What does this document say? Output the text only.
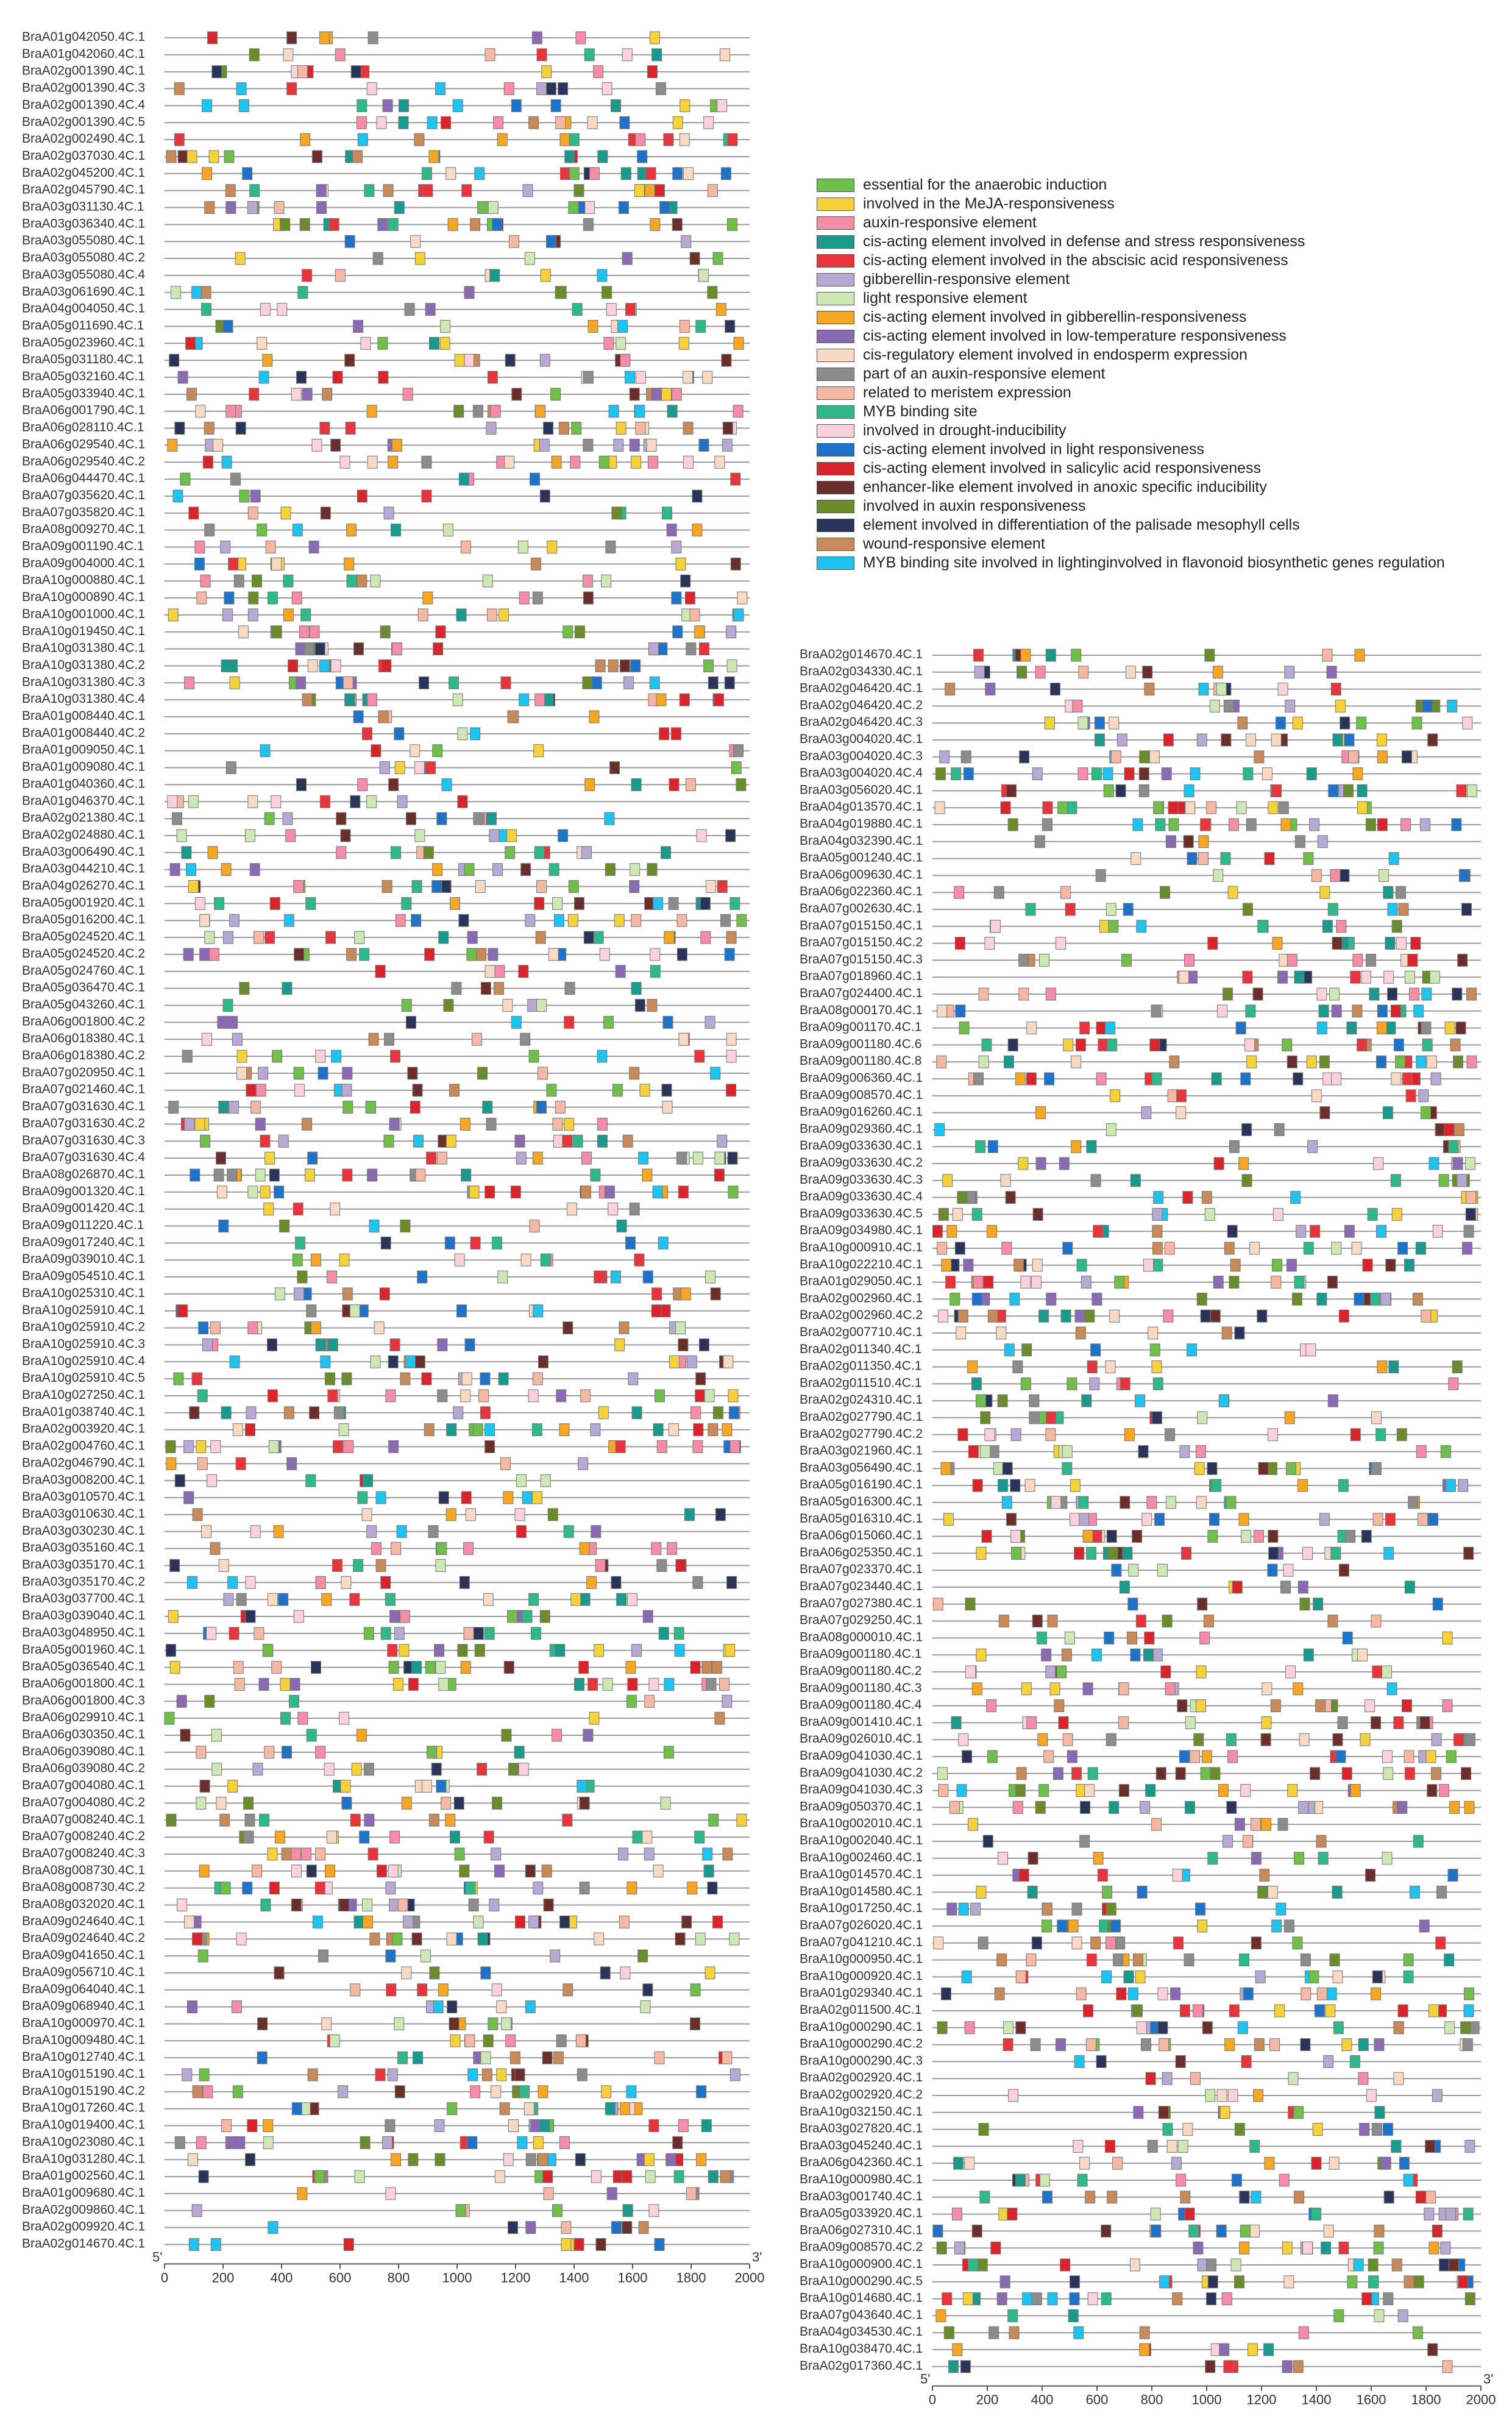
BraA01g042050.4C.1
BraA01g042060.4C.1
BraA02g001390.4C.1
BraA02g001390.4C.3
BraA02g001390.4C.4
BraA02g001390.4C.5
BraA02g002490.4C.1
BraA02g037030.4C.1
BraA02g045200.4C.1
BraA02g045790.4C.1
BraA03g031130.4C.1
BraA03g036340.4C.1
BraA03g055080.4C.1
BraA03g055080.4C.2
BraA03g055080.4C.4
BraA03g061690.4C.1
BraA04g004050.4C.1
BraA05g011690.4C.1
BraA05g023960.4C.1
BraA05g031180.4C.1
BraA05g032160.4C.1
BraA05g033940.4C.1
BraA06g001790.4C.1
BraA06g028110.4C.1
BraA06g029540.4C.1
BraA06g029540.4C.2
BraA06g044470.4C.1
BraA07g035620.4C.1
BraA07g035820.4C.1
BraA08g009270.4C.1
BraA09g001190.4C.1
BraA09g004000.4C.1
BraA10g000880.4C.1
BraA10g000890.4C.1
BraA10g001000.4C.1
BraA10g019450.4C.1
BraA10g031380.4C.1
BraA10g031380.4C.2
BraA10g031380.4C.3
BraA10g031380.4C.4
BraA01g008440.4C.1
BraA01g008440.4C.2
BraA01g009050.4C.1
BraA01g009080.4C.1
BraA01g040360.4C.1
BraA01g046370.4C.1
BraA02g021380.4C.1
BraA02g024880.4C.1
BraA03g006490.4C.1
BraA03g044210.4C.1
BraA04g026270.4C.1
BraA05g001920.4C.1
BraA05g016200.4C.1
BraA05g024520.4C.1
BraA05g024520.4C.2
BraA05g024760.4C.1
BraA05g036470.4C.1
BraA05g043260.4C.1
BraA06g001800.4C.2
BraA06g018380.4C.1
BraA06g018380.4C.2
BraA07g020950.4C.1
BraA07g021460.4C.1
BraA07g031630.4C.1
BraA07g031630.4C.2
BraA07g031630.4C.3
BraA07g031630.4C.4
BraA08g026870.4C.1
BraA09g001320.4C.1
BraA09g001420.4C.1
BraA09g011220.4C.1
BraA09g017240.4C.1
BraA09g039010.4C.1
BraA09g054510.4C.1
BraA10g025310.4C.1
BraA10g025910.4C.1
BraA10g025910.4C.2
BraA10g025910.4C.3
BraA10g025910.4C.4
BraA10g025910.4C.5
BraA10g027250.4C.1
BraA01g038740.4C.1
BraA02g003920.4C.1
BraA02g004760.4C.1
BraA02g046790.4C.1
BraA03g008200.4C.1
BraA03g010570.4C.1
BraA03g010630.4C.1
BraA03g030230.4C.1
BraA03g035160.4C.1
BraA03g035170.4C.1
BraA03g035170.4C.2
BraA03g037700.4C.1
BraA03g039040.4C.1
BraA03g048950.4C.1
BraA05g001960.4C.1
BraA05g036540.4C.1
BraA06g001800.4C.1
BraA06g001800.4C.3
BraA06g029910.4C.1
BraA06g030350.4C.1
BraA06g039080.4C.1
BraA06g039080.4C.2
BraA07g004080.4C.1
BraA07g004080.4C.2
BraA07g008240.4C.1
BraA07g008240.4C.2
BraA07g008240.4C.3
BraA08g008730.4C.1
BraA08g008730.4C.2
BraA08g032020.4C.1
BraA09g024640.4C.1
BraA09g024640.4C.2
BraA09g041650.4C.1
BraA09g056710.4C.1
BraA09g064040.4C.1
BraA09g068940.4C.1
BraA10g000970.4C.1
BraA10g009480.4C.1
BraA10g012740.4C.1
BraA10g015190.4C.1
BraA10g015190.4C.2
BraA10g017260.4C.1
BraA10g019400.4C.1
BraA10g023080.4C.1
BraA10g031280.4C.1
BraA01g002560.4C.1
BraA01g009680.4C.1
BraA02g009860.4C.1
BraA02g009920.4C.1
BraA02g014670.4C.1
0	200	400	600	800 1000 1200 1400 1600 1800 2000
5'	3'
BraA02g014670.4C.1
BraA02g034330.4C.1
BraA02g046420.4C.1
BraA02g046420.4C.2
BraA02g046420.4C.3
BraA03g004020.4C.1
BraA03g004020.4C.3
BraA03g004020.4C.4
BraA03g056020.4C.1
BraA04g013570.4C.1
BraA04g019880.4C.1
BraA04g032390.4C.1
BraA05g001240.4C.1
BraA06g009630.4C.1
BraA06g022360.4C.1
BraA07g002630.4C.1
BraA07g015150.4C.1
BraA07g015150.4C.2
BraA07g015150.4C.3
BraA07g018960.4C.1
BraA07g024400.4C.1
BraA08g000170.4C.1
BraA09g001170.4C.1
BraA09g001180.4C.6
BraA09g001180.4C.8
BraA09g006360.4C.1
BraA09g008570.4C.1
BraA09g016260.4C.1
BraA09g029360.4C.1
BraA09g033630.4C.1
BraA09g033630.4C.2
BraA09g033630.4C.3
BraA09g033630.4C.4
BraA09g033630.4C.5
BraA09g034980.4C.1
BraA10g000910.4C.1
BraA10g022210.4C.1
BraA01g029050.4C.1
BraA02g002960.4C.1
BraA02g002960.4C.2
BraA02g007710.4C.1
BraA02g011340.4C.1
BraA02g011350.4C.1
BraA02g011510.4C.1
BraA02g024310.4C.1
BraA02g027790.4C.1
BraA02g027790.4C.2
BraA03g021960.4C.1
BraA03g056490.4C.1
BraA05g016190.4C.1
BraA05g016300.4C.1
BraA05g016310.4C.1
BraA06g015060.4C.1
BraA06g025350.4C.1
BraA07g023370.4C.1
BraA07g023440.4C.1
BraA07g027380.4C.1
BraA07g029250.4C.1
BraA08g000010.4C.1
BraA09g001180.4C.1
BraA09g001180.4C.2
BraA09g001180.4C.3
BraA09g001180.4C.4
BraA09g001410.4C.1
BraA09g026010.4C.1
BraA09g041030.4C.1
BraA09g041030.4C.2
BraA09g041030.4C.3
BraA09g050370.4C.1
BraA10g002010.4C.1
BraA10g002040.4C.1
BraA10g002460.4C.1
BraA10g014570.4C.1
BraA10g014580.4C.1
BraA10g017250.4C.1
BraA07g026020.4C.1
BraA07g041210.4C.1
BraA10g000950.4C.1
BraA10g000920.4C.1
BraA01g029340.4C.1
BraA02g011500.4C.1
BraA10g000290.4C.1
BraA10g000290.4C.2
BraA10g000290.4C.3
BraA02g002920.4C.1
BraA02g002920.4C.2
BraA10g032150.4C.1
BraA03g027820.4C.1
BraA03g045240.4C.1
BraA06g042360.4C.1
BraA10g000980.4C.1
BraA03g001740.4C.1
BraA05g033920.4C.1
BraA06g027310.4C.1
BraA09g008570.4C.2
BraA10g000900.4C.1
BraA10g000290.4C.5
BraA10g014680.4C.1
BraA07g043640.4C.1
BraA04g034530.4C.1
BraA10g038470.4C.1
BraA02g017360.4C.1
0	200 400 600 800 1000 1200 1400 1600 1800 2000
5'	3'
essential for the anaerobic induction
involved in the MeJA-responsiveness
auxin-responsive element
cis-acting element involved in defense and stress responsiveness
cis-acting element involved in the abscisic acid responsiveness
gibberellin-responsive element
light responsive element
cis-acting element involved in gibberellin-responsiveness
cis-acting element involved in low-temperature responsiveness
cis-regulatory element involved in endosperm expression
part of an auxin-responsive element
related to meristem expression
MYB binding site
involved in drought-inducibility
cis-acting element involved in light responsiveness
cis-acting element involved in salicylic acid responsiveness
enhancer-like element involved in anoxic specific inducibility
involved in auxin responsiveness
element involved in differentiation of the palisade mesophyll cells
wound-responsive element
MYB binding site involved in lightinginvolved in flavonoid biosynthetic genes regulation
